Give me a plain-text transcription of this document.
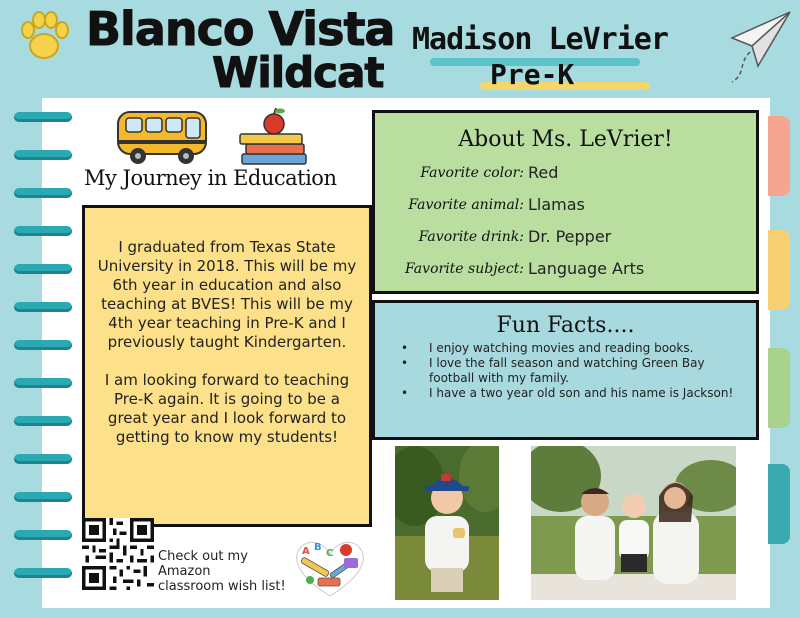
Blanco Vista
Wildcat
Madison LeVrier
Pre-K
My Journey in Education

I graduated from Texas State University in 2018. This will be my 6th year in education and also teaching at BVES! This will be my 4th year teaching in Pre-K and I previously taught Kindergarten.

I am looking forward to teaching Pre-K again. It is going to be a great year and I look forward to getting to know my students!

Check out my
Amazon
classroom wish list!
A B
C
About Ms. LeVrier!
Favorite color: Red
Favorite animal: Llamas
Favorite drink: Dr. Pepper
Favorite subject: Language Arts
Fun Facts....
• I enjoy watching movies and reading books.
• I love the fall season and watching Green Bay football with my family.
• I have a two year old son and his name is Jackson!
